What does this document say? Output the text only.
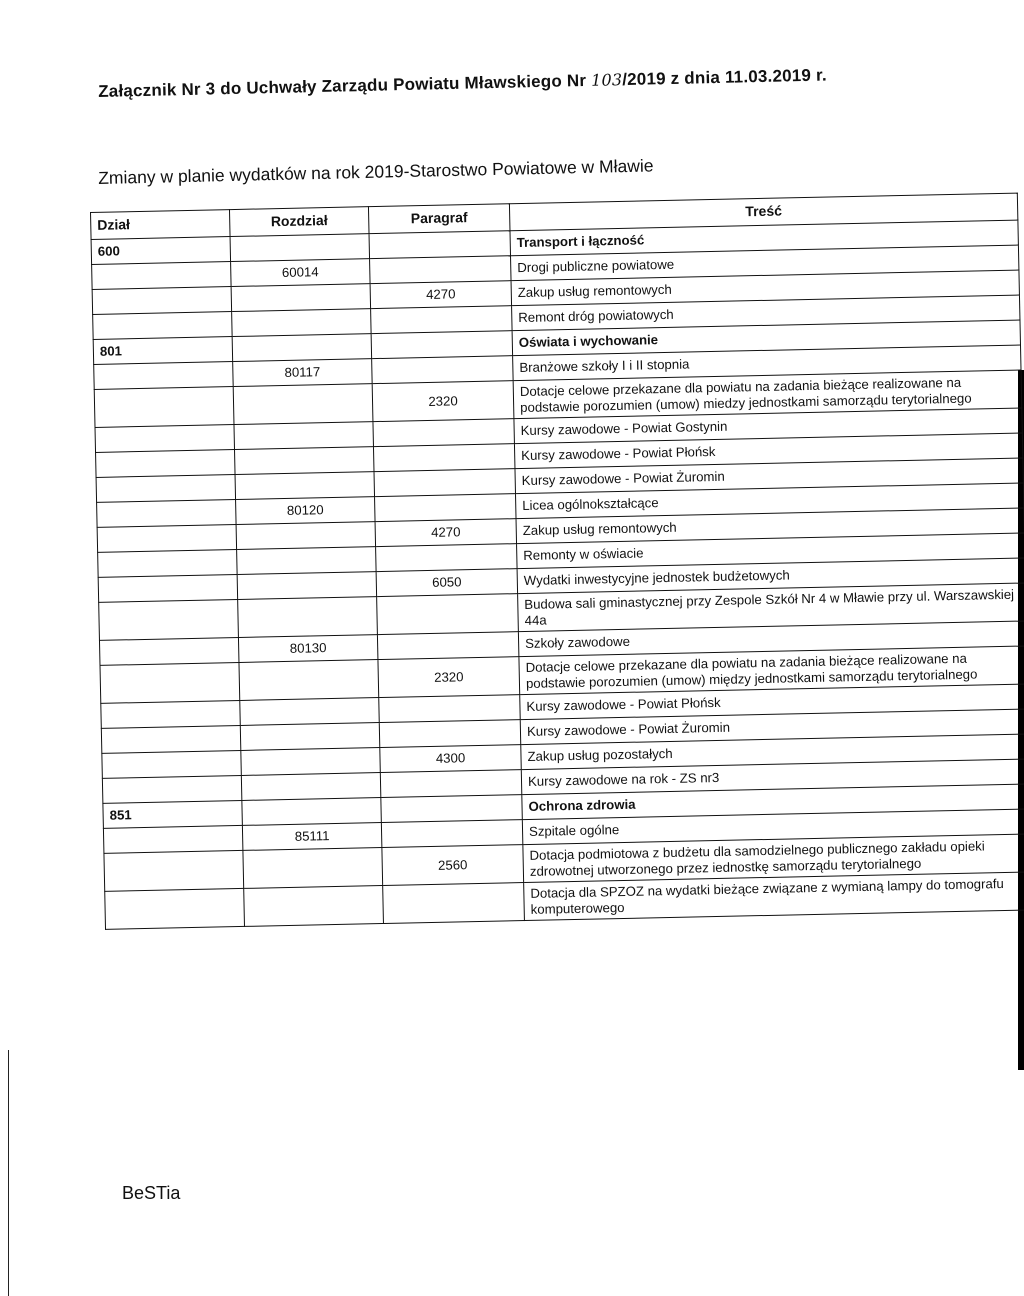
Załącznik Nr 3 do Uchwały Zarządu Powiatu Mławskiego Nr 103/2019 z dnia 11.03.2019 r.
Zmiany w planie wydatków na rok 2019-Starostwo Powiatowe w Mławie
Dział	Rozdział	Paragraf	Treść
600			Transport i łączność
	60014		Drogi publiczne powiatowe
		4270	Zakup usług remontowych
			Remont dróg powiatowych
801			Oświata i wychowanie
	80117		Branżowe szkoły I i II stopnia
		2320	Dotacje celowe przekazane dla powiatu na zadania bieżące realizowane na podstawie porozumien (umow) miedzy jednostkami samorządu terytorialnego
			Kursy zawodowe - Powiat Gostynin
			Kursy zawodowe - Powiat Płońsk
			Kursy zawodowe - Powiat Żuromin
	80120		Licea ogólnokształcące
		4270	Zakup usług remontowych
			Remonty w oświacie
		6050	Wydatki inwestycyjne jednostek budżetowych
			Budowa sali gminastycznej przy Zespole Szkół Nr 4 w Mławie przy ul. Warszawskiej 44a
	80130		Szkoły zawodowe
		2320	Dotacje celowe przekazane dla powiatu na zadania bieżące realizowane na podstawie porozumien (umow) między jednostkami samorządu terytorialnego
			Kursy zawodowe - Powiat Płońsk
			Kursy zawodowe - Powiat Żuromin
		4300	Zakup usług pozostałych
			Kursy zawodowe na rok - ZS nr3
851			Ochrona zdrowia
	85111		Szpitale ogólne
		2560	Dotacja podmiotowa z budżetu dla samodzielnego publicznego zakładu opieki zdrowotnej utworzonego przez iednostkę samorządu terytorialnego
			Dotacja dla SPZOZ na wydatki bieżące związane z wymianą lampy do tomografu komputerowego
BeSTia
